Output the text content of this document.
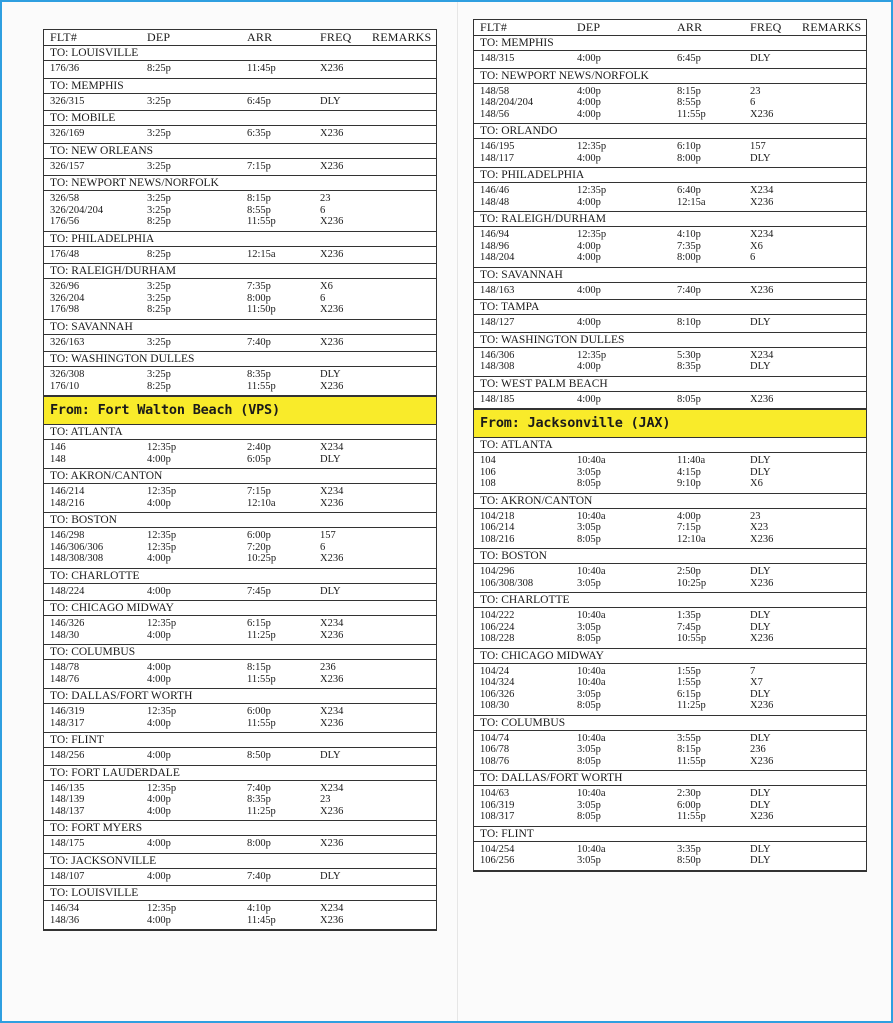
FLT#	DEP	ARR	FREQ REMARKS
TO: LOUISVILLE
176/36	8:25p	11:45p	X236
TO: MEMPHIS
326/315	3:25p	6:45p	DLY
TO: MOBILE
326/169	3:25p	6:35p	X236
TO: NEW ORLEANS
326/157	3:25p	7:15p	X236
TO: NEWPORT NEWS/NORFOLK
326/58	3:25p	8:15p	23
326/204/204	3:25p	8:55p	6
176/56	8:25p	11:55p	X236
TO: PHILADELPHIA
176/48	8:25p	12:15a	X236
TO: RALEIGH/DURHAM
326/96	3:25p	7:35p	X6
326/204	3:25p	8:00p	6
176/98	8:25p	11:50p	X236
TO: SAVANNAH
326/163	3:25p	7:40p	X236
TO: WASHINGTON DULLES
326/308	3:25p	8:35p	DLY
176/10	8:25p	11:55p	X236
From: Fort Walton Beach (VPS)
TO: ATLANTA
146	12:35p	2:40p	X234
148	4:00p	6:05p	DLY
TO: AKRON/CANTON
146/214	12:35p	7:15p	X234
148/216	4:00p	12:10a	X236
TO: BOSTON
146/298	12:35p	6:00p	157
146/306/306	12:35p	7:20p	6
148/308/308	4:00p	10:25p	X236
TO: CHARLOTTE
148/224	4:00p	7:45p	DLY
TO: CHICAGO MIDWAY
146/326	12:35p	6:15p	X234
148/30	4:00p	11:25p	X236
TO: COLUMBUS
148/78	4:00p	8:15p	236
148/76	4:00p	11:55p	X236
TO: DALLAS/FORT WORTH
146/319	12:35p	6:00p	X234
148/317	4:00p	11:55p	X236
TO: FLINT
148/256	4:00p	8:50p	DLY
TO: FORT LAUDERDALE
146/135	12:35p	7:40p	X234
148/139	4:00p	8:35p	23
148/137	4:00p	11:25p	X236
TO: FORT MYERS
148/175	4:00p	8:00p	X236
TO: JACKSONVILLE
148/107	4:00p	7:40p	DLY
TO: LOUISVILLE
146/34	12:35p	4:10p	X234
148/36	4:00p	11:45p	X236
FLT#	DEP	ARR	FREQ REMARKS
TO: MEMPHIS
148/315	4:00p	6:45p	DLY
TO: NEWPORT NEWS/NORFOLK
148/58	4:00p	8:15p	23
148/204/204	4:00p	8:55p	6
148/56	4:00p	11:55p	X236
TO: ORLANDO
146/195	12:35p	6:10p	157
148/117	4:00p	8:00p	DLY
TO: PHILADELPHIA
146/46	12:35p	6:40p	X234
148/48	4:00p	12:15a	X236
TO: RALEIGH/DURHAM
146/94	12:35p	4:10p	X234
148/96	4:00p	7:35p	X6
148/204	4:00p	8:00p	6
TO: SAVANNAH
148/163	4:00p	7:40p	X236
TO: TAMPA
148/127	4:00p	8:10p	DLY
TO: WASHINGTON DULLES
146/306	12:35p	5:30p	X234
148/308	4:00p	8:35p	DLY
TO: WEST PALM BEACH
148/185	4:00p	8:05p	X236
From: Jacksonville (JAX)
TO: ATLANTA
104	10:40a	11:40a	DLY
106	3:05p	4:15p	DLY
108	8:05p	9:10p	X6
TO: AKRON/CANTON
104/218	10:40a	4:00p	23
106/214	3:05p	7:15p	X23
108/216	8:05p	12:10a	X236
TO: BOSTON
104/296	10:40a	2:50p	DLY
106/308/308	3:05p	10:25p	X236
TO: CHARLOTTE
104/222	10:40a	1:35p	DLY
106/224	3:05p	7:45p	DLY
108/228	8:05p	10:55p	X236
TO: CHICAGO MIDWAY
104/24	10:40a	1:55p	7
104/324	10:40a	1:55p	X7
106/326	3:05p	6:15p	DLY
108/30	8:05p	11:25p	X236
TO: COLUMBUS
104/74	10:40a	3:55p	DLY
106/78	3:05p	8:15p	236
108/76	8:05p	11:55p	X236
TO: DALLAS/FORT WORTH
104/63	10:40a	2:30p	DLY
106/319	3:05p	6:00p	DLY
108/317	8:05p	11:55p	X236
TO: FLINT
104/254	10:40a	3:35p	DLY
106/256	3:05p	8:50p	DLY
